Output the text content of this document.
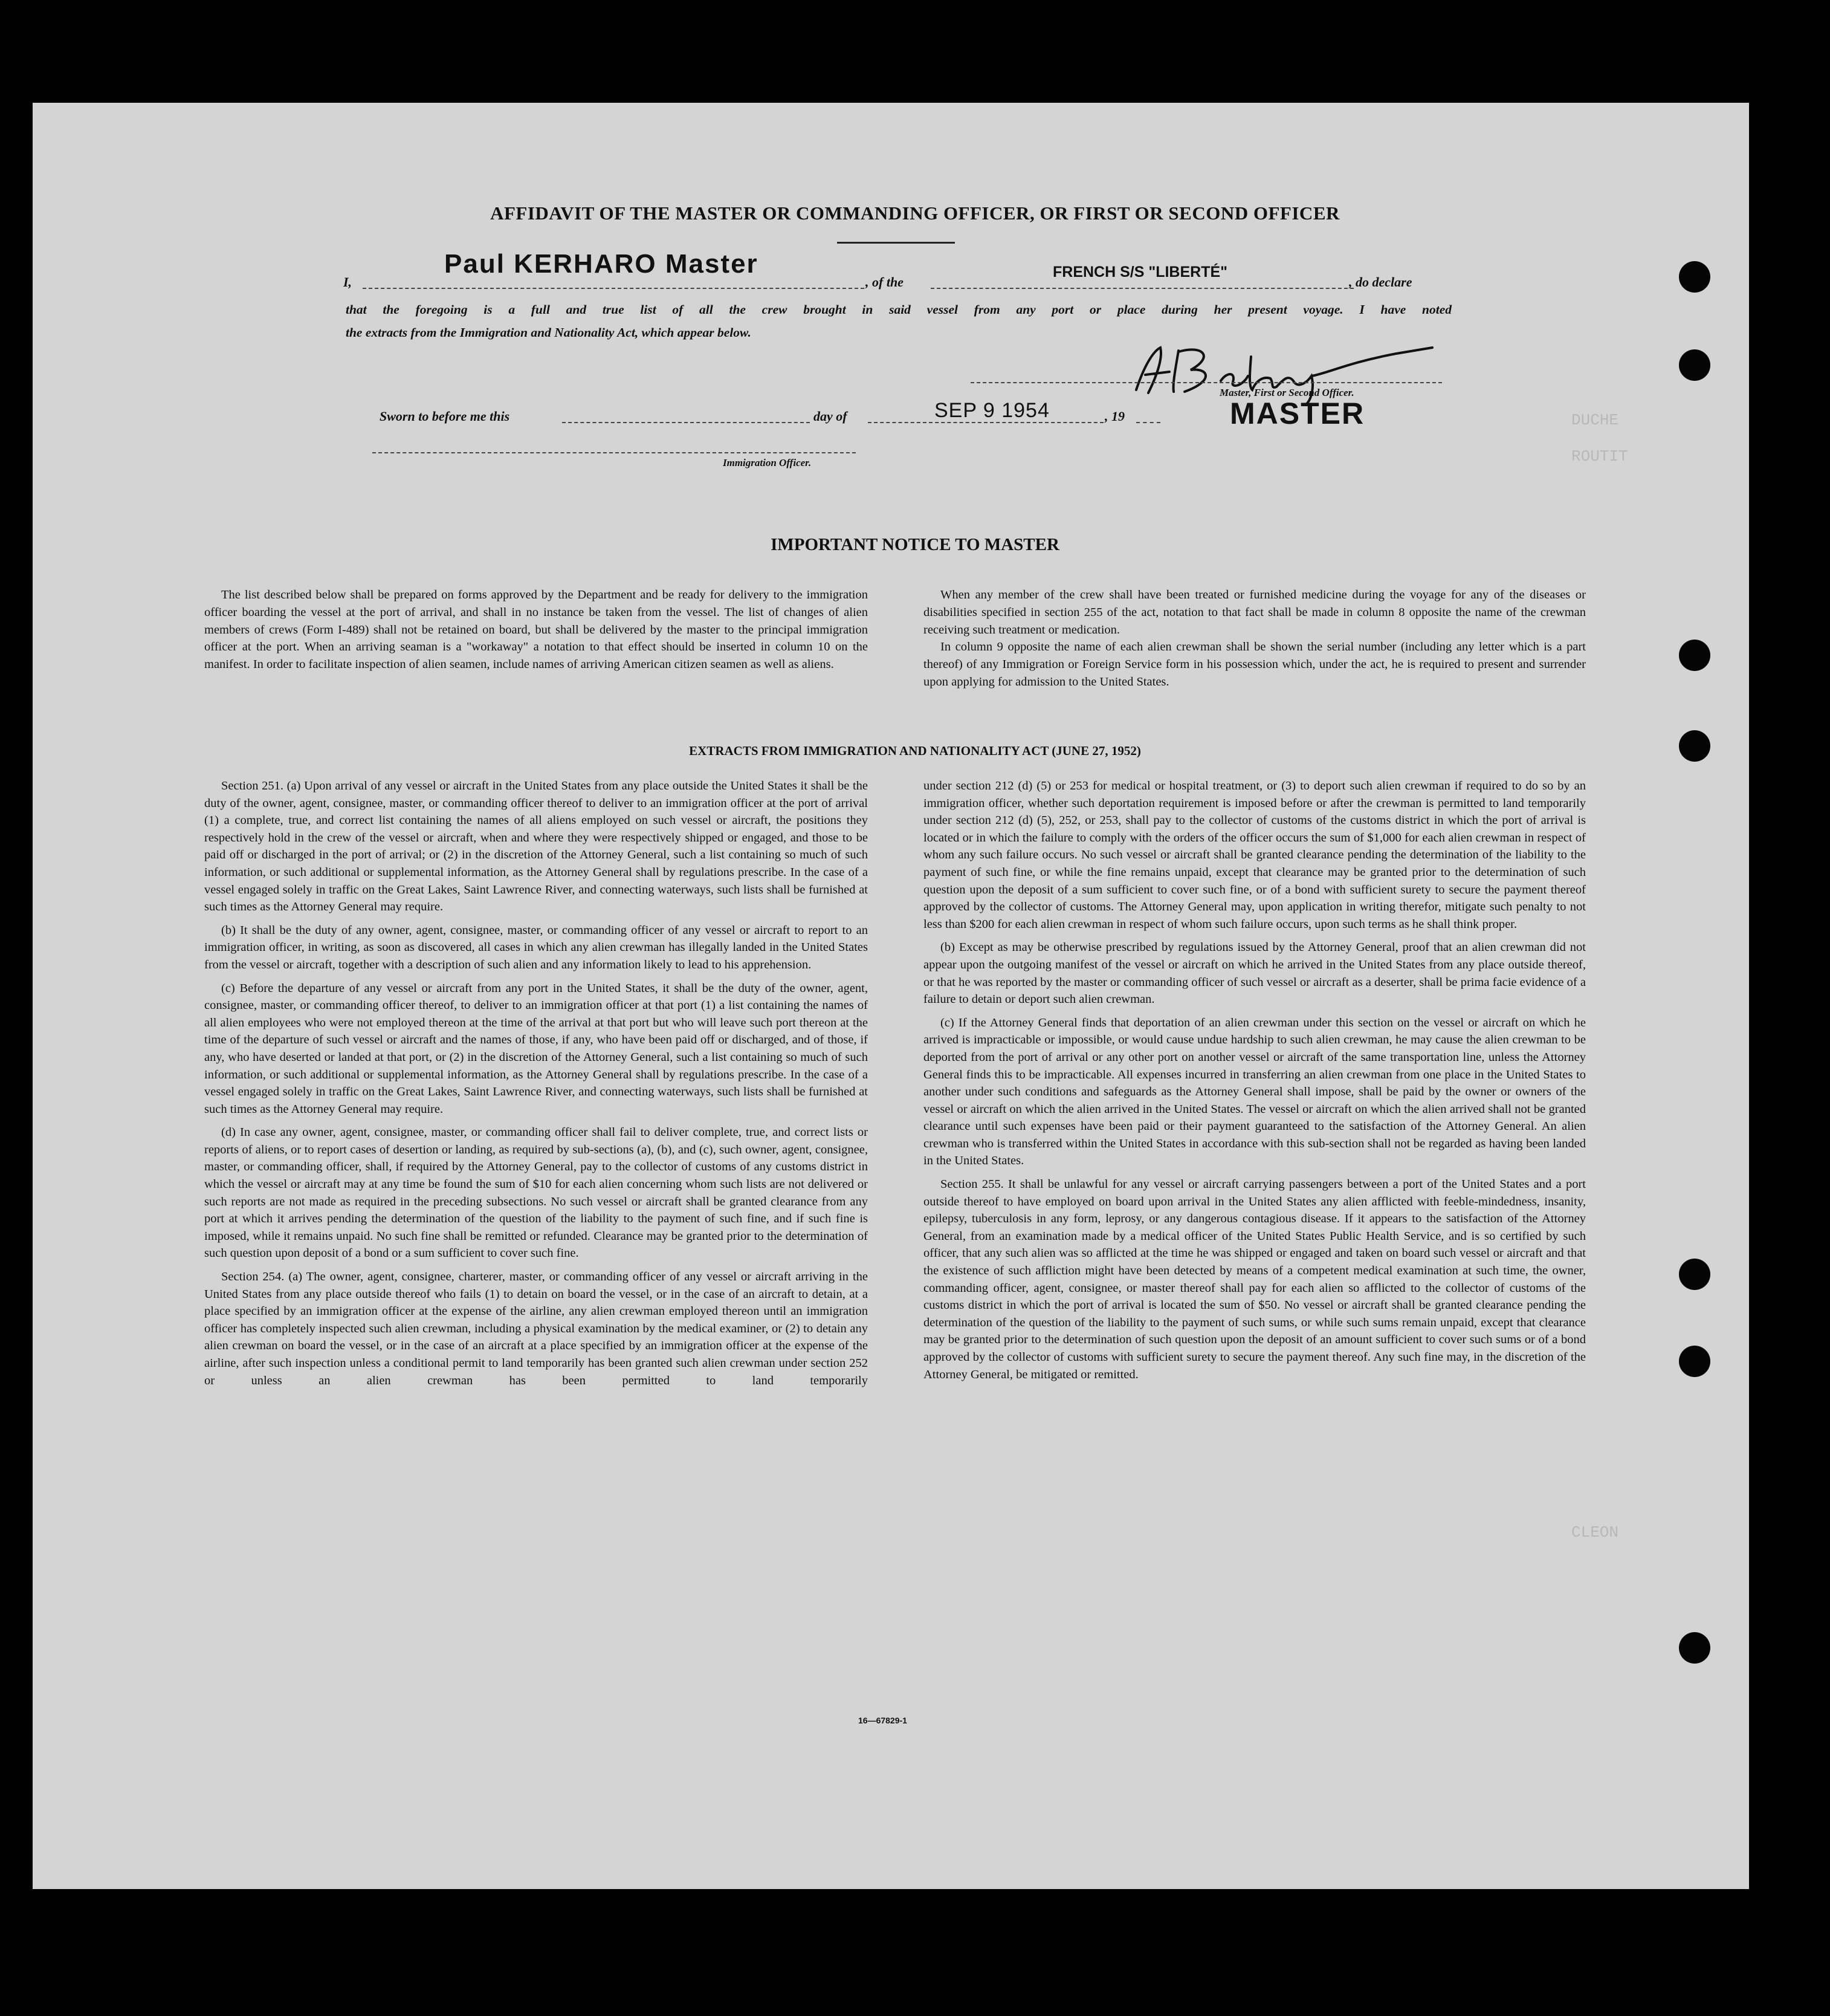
AFFIDAVIT OF THE MASTER OR COMMANDING OFFICER, OR FIRST OR SECOND OFFICER
I,
Paul KERHARO Master
, of the
FRENCH S/S "LIBERTÉ"
, do declare
that the foregoing is a full and true list of all the crew brought in said vessel from any port or place during her present voyage. I have noted
the extracts from the Immigration and Nationality Act, which appear below.
Master, First or Second Officer.
MASTER
Sworn to before me this	day of	SEP 9 1954	, 19
Immigration Officer.
DUCHE
ROUTIT
CLEON
IMPORTANT NOTICE TO MASTER

The list described below shall be prepared on forms approved by the Department and be ready for delivery to the immigration officer boarding the vessel at the port of arrival, and shall in no instance be taken from the vessel. The list of changes of alien members of crews (Form I-489) shall not be retained on board, but shall be delivered by the master to the principal immigration officer at the port. When an arriving seaman is a "workaway" a notation to that effect should be inserted in column 10 on the manifest. In order to facilitate inspection of alien seamen, include names of arriving American citizen seamen as well as aliens.

When any member of the crew shall have been treated or furnished medicine during the voyage for any of the diseases or disabilities specified in section 255 of the act, notation to that fact shall be made in column 8 opposite the name of the crewman receiving such treatment or medication.

In column 9 opposite the name of each alien crewman shall be shown the serial number (including any letter which is a part thereof) of any Immigration or Foreign Service form in his possession which, under the act, he is required to present and surrender upon applying for admission to the United States.

EXTRACTS FROM IMMIGRATION AND NATIONALITY ACT (JUNE 27, 1952)

Section 251. (a) Upon arrival of any vessel or aircraft in the United States from any place outside the United States it shall be the duty of the owner, agent, consignee, master, or commanding officer thereof to deliver to an immigration officer at the port of arrival (1) a complete, true, and correct list containing the names of all aliens employed on such vessel or aircraft, the positions they respectively hold in the crew of the vessel or aircraft, when and where they were respectively shipped or engaged, and those to be paid off or discharged in the port of arrival; or (2) in the discretion of the Attorney General, such a list containing so much of such information, or such additional or supplemental information, as the Attorney General shall by regulations prescribe. In the case of a vessel engaged solely in traffic on the Great Lakes, Saint Lawrence River, and connecting waterways, such lists shall be furnished at such times as the Attorney General may require.

(b) It shall be the duty of any owner, agent, consignee, master, or commanding officer of any vessel or aircraft to report to an immigration officer, in writing, as soon as discovered, all cases in which any alien crewman has illegally landed in the United States from the vessel or aircraft, together with a description of such alien and any information likely to lead to his apprehension.

(c) Before the departure of any vessel or aircraft from any port in the United States, it shall be the duty of the owner, agent, consignee, master, or commanding officer thereof, to deliver to an immigration officer at that port (1) a list containing the names of all alien employees who were not employed thereon at the time of the arrival at that port but who will leave such port thereon at the time of the departure of such vessel or aircraft and the names of those, if any, who have been paid off or discharged, and of those, if any, who have deserted or landed at that port, or (2) in the discretion of the Attorney General, such a list containing so much of such information, or such additional or supplemental information, as the Attorney General shall by regulations prescribe. In the case of a vessel engaged solely in traffic on the Great Lakes, Saint Lawrence River, and connecting waterways, such lists shall be furnished at such times as the Attorney General may require.

(d) In case any owner, agent, consignee, master, or commanding officer shall fail to deliver complete, true, and correct lists or reports of aliens, or to report cases of desertion or landing, as required by sub-sections (a), (b), and (c), such owner, agent, consignee, master, or commanding officer, shall, if required by the Attorney General, pay to the collector of customs of any customs district in which the vessel or aircraft may at any time be found the sum of $10 for each alien concerning whom such lists are not delivered or such reports are not made as required in the preceding subsections. No such vessel or aircraft shall be granted clearance from any port at which it arrives pending the determination of the question of the liability to the payment of such fine, and if such fine is imposed, while it remains unpaid. No such fine shall be remitted or refunded. Clearance may be granted prior to the determination of such question upon deposit of a bond or a sum sufficient to cover such fine.

Section 254. (a) The owner, agent, consignee, charterer, master, or commanding officer of any vessel or aircraft arriving in the United States from any place outside thereof who fails (1) to detain on board the vessel, or in the case of an aircraft to detain, at a place specified by an immigration officer at the expense of the airline, any alien crewman employed thereon until an immigration officer has completely inspected such alien crewman, including a physical examination by the medical examiner, or (2) to detain any alien crewman on board the vessel, or in the case of an aircraft at a place specified by an immigration officer at the expense of the airline, after such inspection unless a conditional permit to land temporarily has been granted such alien crewman under section 252 or unless an alien crewman has been permitted to land temporarily

under section 212 (d) (5) or 253 for medical or hospital treatment, or (3) to deport such alien crewman if required to do so by an immigration officer, whether such deportation requirement is imposed before or after the crewman is permitted to land temporarily under section 212 (d) (5), 252, or 253, shall pay to the collector of customs of the customs district in which the port of arrival is located or in which the failure to comply with the orders of the officer occurs the sum of $1,000 for each alien crewman in respect of whom any such failure occurs. No such vessel or aircraft shall be granted clearance pending the determination of the liability to the payment of such fine, or while the fine remains unpaid, except that clearance may be granted prior to the determination of such question upon the deposit of a sum sufficient to cover such fine, or of a bond with sufficient surety to secure the payment thereof approved by the collector of customs. The Attorney General may, upon application in writing therefor, mitigate such penalty to not less than $200 for each alien crewman in respect of whom such failure occurs, upon such terms as he shall think proper.

(b) Except as may be otherwise prescribed by regulations issued by the Attorney General, proof that an alien crewman did not appear upon the outgoing manifest of the vessel or aircraft on which he arrived in the United States from any place outside thereof, or that he was reported by the master or commanding officer of such vessel or aircraft as a deserter, shall be prima facie evidence of a failure to detain or deport such alien crewman.

(c) If the Attorney General finds that deportation of an alien crewman under this section on the vessel or aircraft on which he arrived is impracticable or impossible, or would cause undue hardship to such alien crewman, he may cause the alien crewman to be deported from the port of arrival or any other port on another vessel or aircraft of the same transportation line, unless the Attorney General finds this to be impracticable. All expenses incurred in transferring an alien crewman from one place in the United States to another under such conditions and safeguards as the Attorney General shall impose, shall be paid by the owner or owners of the vessel or aircraft on which the alien arrived in the United States. The vessel or aircraft on which the alien arrived shall not be granted clearance until such expenses have been paid or their payment guaranteed to the satisfaction of the Attorney General. An alien crewman who is transferred within the United States in accordance with this sub-section shall not be regarded as having been landed in the United States.

Section 255. It shall be unlawful for any vessel or aircraft carrying passengers between a port of the United States and a port outside thereof to have employed on board upon arrival in the United States any alien afflicted with feeble-mindedness, insanity, epilepsy, tuberculosis in any form, leprosy, or any dangerous contagious disease. If it appears to the satisfaction of the Attorney General, from an examination made by a medical officer of the United States Public Health Service, and is so certified by such officer, that any such alien was so afflicted at the time he was shipped or engaged and taken on board such vessel or aircraft and that the existence of such affliction might have been detected by means of a competent medical examination at such time, the owner, commanding officer, agent, consignee, or master thereof shall pay for each alien so afflicted to the collector of customs of the customs district in which the port of arrival is located the sum of $50. No vessel or aircraft shall be granted clearance pending the determination of the question of the liability to the payment of such sums, or while such sums remain unpaid, except that clearance may be granted prior to the determination of such question upon the deposit of an amount sufficient to cover such sums or of a bond approved by the collector of customs with sufficient surety to secure the payment thereof. Any such fine may, in the discretion of the Attorney General, be mitigated or remitted.

16—67829-1
